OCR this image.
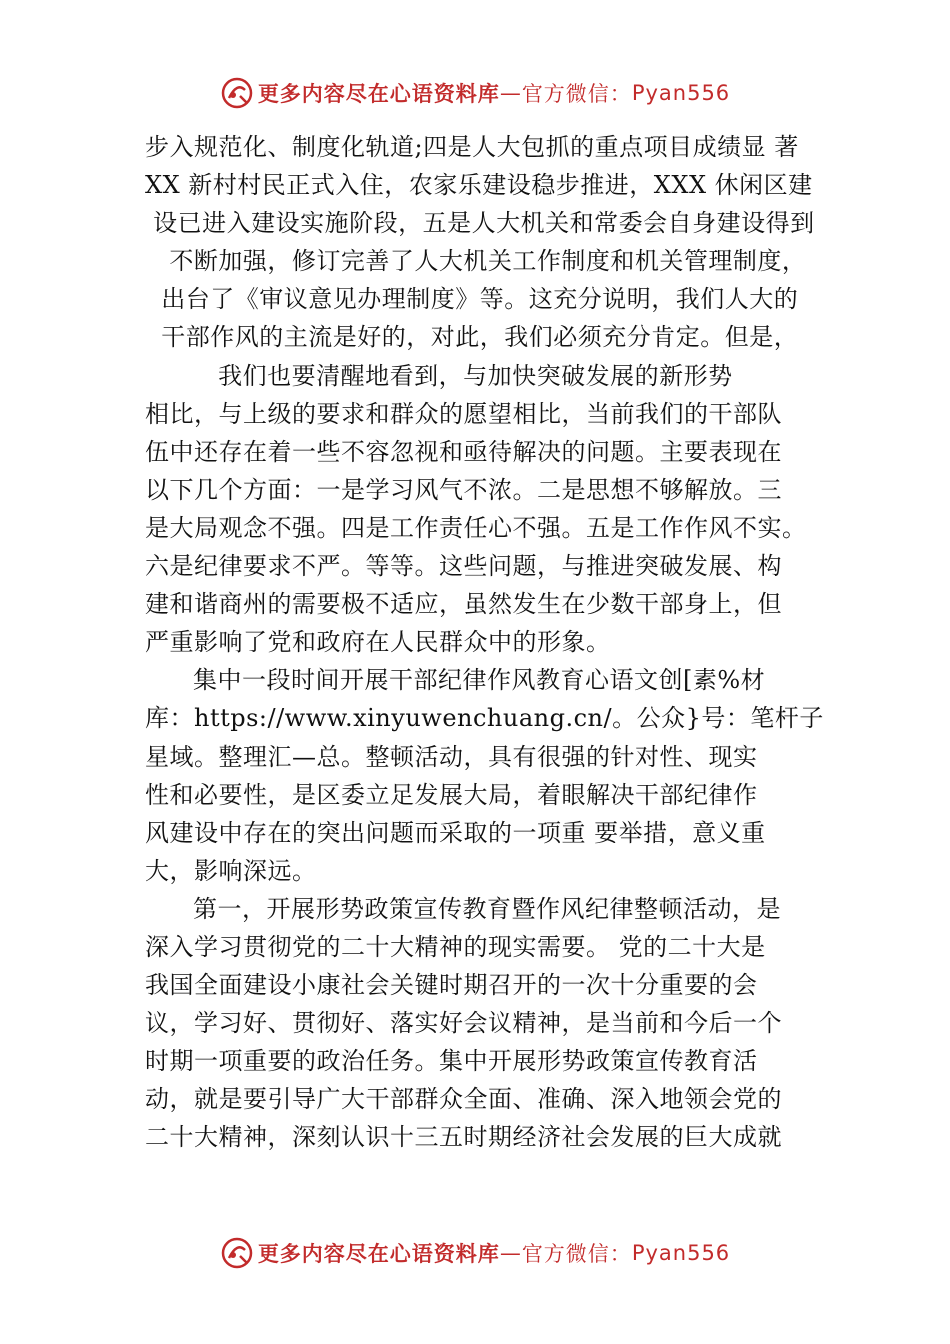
更多内容尽在心语资料库 — 官方微信： Pyan556
步入规范化、制度化轨道;四是人大包抓的重点项目成绩显 著
XX 新村村民正式入住，农家乐建设稳步推进，XXX 休闲区建
设已进入建设实施阶段，五是人大机关和常委会自身建设得到
不断加强，修订完善了人大机关工作制度和机关管理制度，
出台了《审议意见办理制度》等。这充分说明，我们人大的
干部作风的主流是好的，对此，我们必须充分肯定。但是，
我们也要清醒地看到，与加快突破发展的新形势
相比，与上级的要求和群众的愿望相比，当前我们的干部队
伍中还存在着一些不容忽视和亟待解决的问题。主要表现在
以下几个方面：一是学习风气不浓。二是思想不够解放。三
是大局观念不强。四是工作责任心不强。五是工作作风不实。
六是纪律要求不严。等等。这些问题，与推进突破发展、构
建和谐商州的需要极不适应，虽然发生在少数干部身上，但
严重影响了党和政府在人民群众中的形象。
集中一段时间开展干部纪律作风教育心语文创[素%材
库：https://www.xinyuwenchuang.cn/。公众}号：笔杆子
星域。整理汇—总。整顿活动，具有很强的针对性、现实
性和必要性，是区委立足发展大局，着眼解决干部纪律作
风建设中存在的突出问题而采取的一项重 要举措，意义重
大，影响深远。
第一，开展形势政策宣传教育暨作风纪律整顿活动，是
深入学习贯彻党的二十大精神的现实需要。 党的二十大是
我国全面建设小康社会关键时期召开的一次十分重要的会
议，学习好、贯彻好、落实好会议精神，是当前和今后一个
时期一项重要的政治任务。集中开展形势政策宣传教育活
动，就是要引导广大干部群众全面、准确、深入地领会党的
二十大精神，深刻认识十三五时期经济社会发展的巨大成就
更多内容尽在心语资料库 — 官方微信： Pyan556
